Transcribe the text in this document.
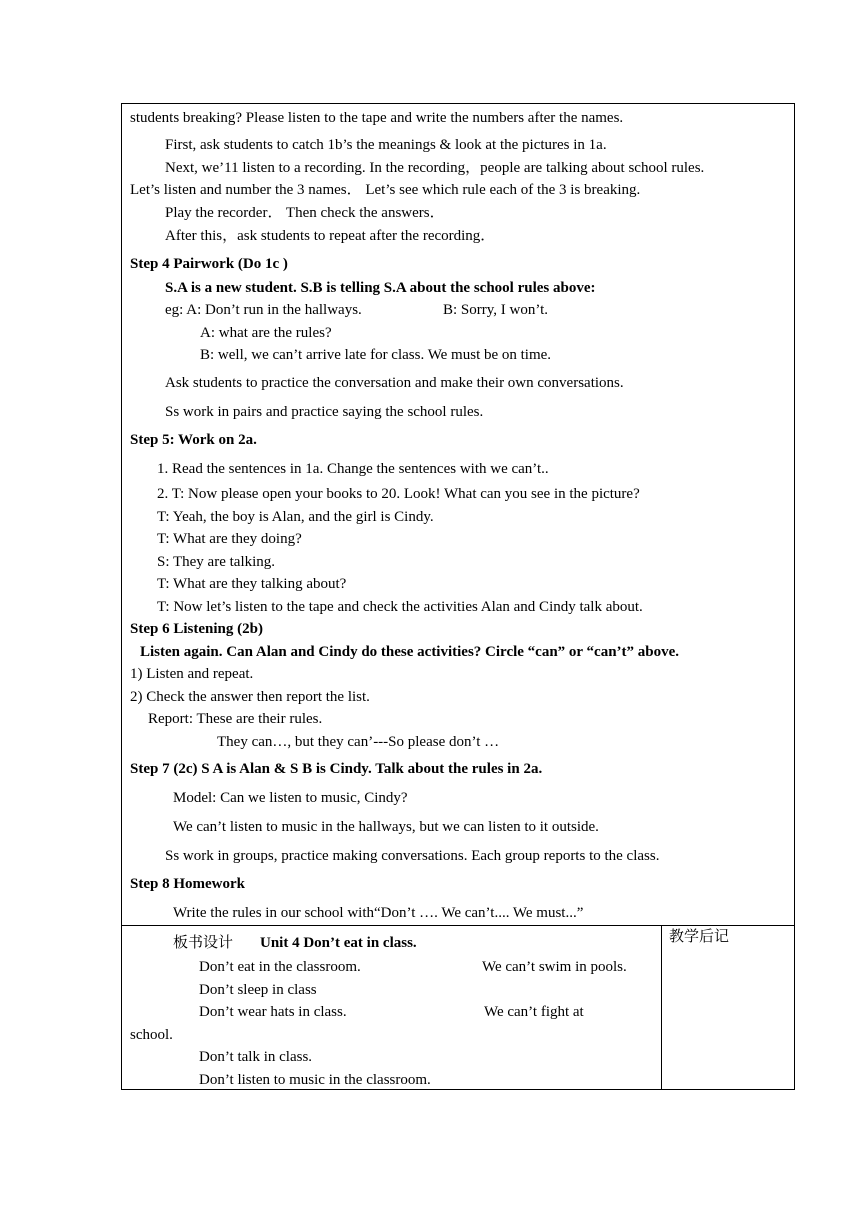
students breaking? Please listen to the tape and write the numbers after the names.
First, ask students to catch 1b’s the meanings & look at the pictures in 1a.
Next, we’11 listen to a recording. In the recording，people are talking about school rules.
Let’s listen and number the 3 names． Let’s see which rule each of the 3 is breaking.
Play the recorder． Then check the answers．
After this，ask students to repeat after the recording．
Step 4 Pairwork (Do 1c )
S.A is a new student. S.B is telling S.A about the school rules above:
eg: A: Don’t run in the hallways.	B: Sorry, I won’t.
A: what are the rules?
B: well, we can’t arrive late for class. We must be on time.
Ask students to practice the conversation and make their own conversations.
Ss work in pairs and practice saying the school rules.
Step 5: Work on 2a.
1. Read the sentences in 1a. Change the sentences with we can’t..
2. T: Now please open your books to 20. Look! What can you see in the picture?
T: Yeah, the boy is Alan, and the girl is Cindy.
T: What are they doing?
S: They are talking.
T: What are they talking about?
T: Now let’s listen to the tape and check the activities Alan and Cindy talk about.
Step 6 Listening (2b)
Listen again. Can Alan and Cindy do these activities? Circle “can” or “can’t” above.
1) Listen and repeat.
2) Check the answer then report the list.
Report: These are their rules.
They can…, but they can’---So please don’t …
Step 7 (2c) S A is Alan & S B is Cindy. Talk about the rules in 2a.
Model: Can we listen to music, Cindy?
We can’t listen to music in the hallways, but we can listen to it outside.
Ss work in groups, practice making conversations. Each group reports to the class.
Step 8 Homework
Write the rules in our school with“Don’t …. We can’t.... We must...”
板书设计 Unit 4 Don’t eat in class.
Don’t eat in the classroom.	We can’t swim in pools.
Don’t sleep in class
Don’t wear hats in class.	We can’t fight at
school.
Don’t talk in class.
Don’t listen to music in the classroom.
教学后记
